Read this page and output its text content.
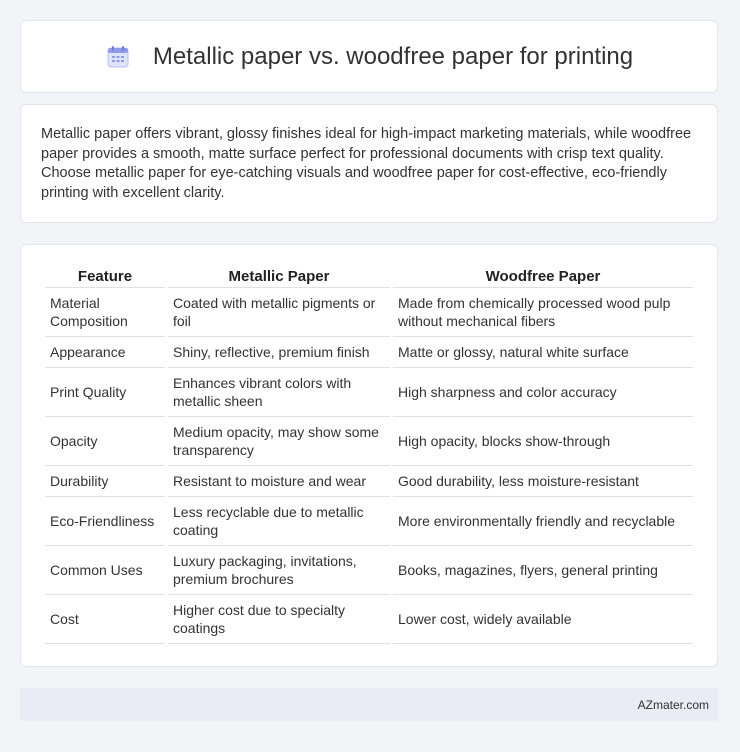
Metallic paper vs. woodfree paper for printing

Metallic paper offers vibrant, glossy finishes ideal for high-impact marketing materials, while woodfree paper provides a smooth, matte surface perfect for professional documents with crisp text quality. Choose metallic paper for eye-catching visuals and woodfree paper for cost-effective, eco-friendly printing with excellent clarity.

Feature	Metallic Paper	Woodfree Paper
Material Composition	Coated with metallic pigments or foil	Made from chemically processed wood pulp without mechanical fibers
Appearance	Shiny, reflective, premium finish	Matte or glossy, natural white surface
Print Quality	Enhances vibrant colors with metallic sheen	High sharpness and color accuracy
Opacity	Medium opacity, may show some transparency	High opacity, blocks show-through
Durability	Resistant to moisture and wear	Good durability, less moisture-resistant
Eco-Friendliness	Less recyclable due to metallic coating	More environmentally friendly and recyclable
Common Uses	Luxury packaging, invitations, premium brochures	Books, magazines, flyers, general printing
Cost	Higher cost due to specialty coatings	Lower cost, widely available
AZmater.com
